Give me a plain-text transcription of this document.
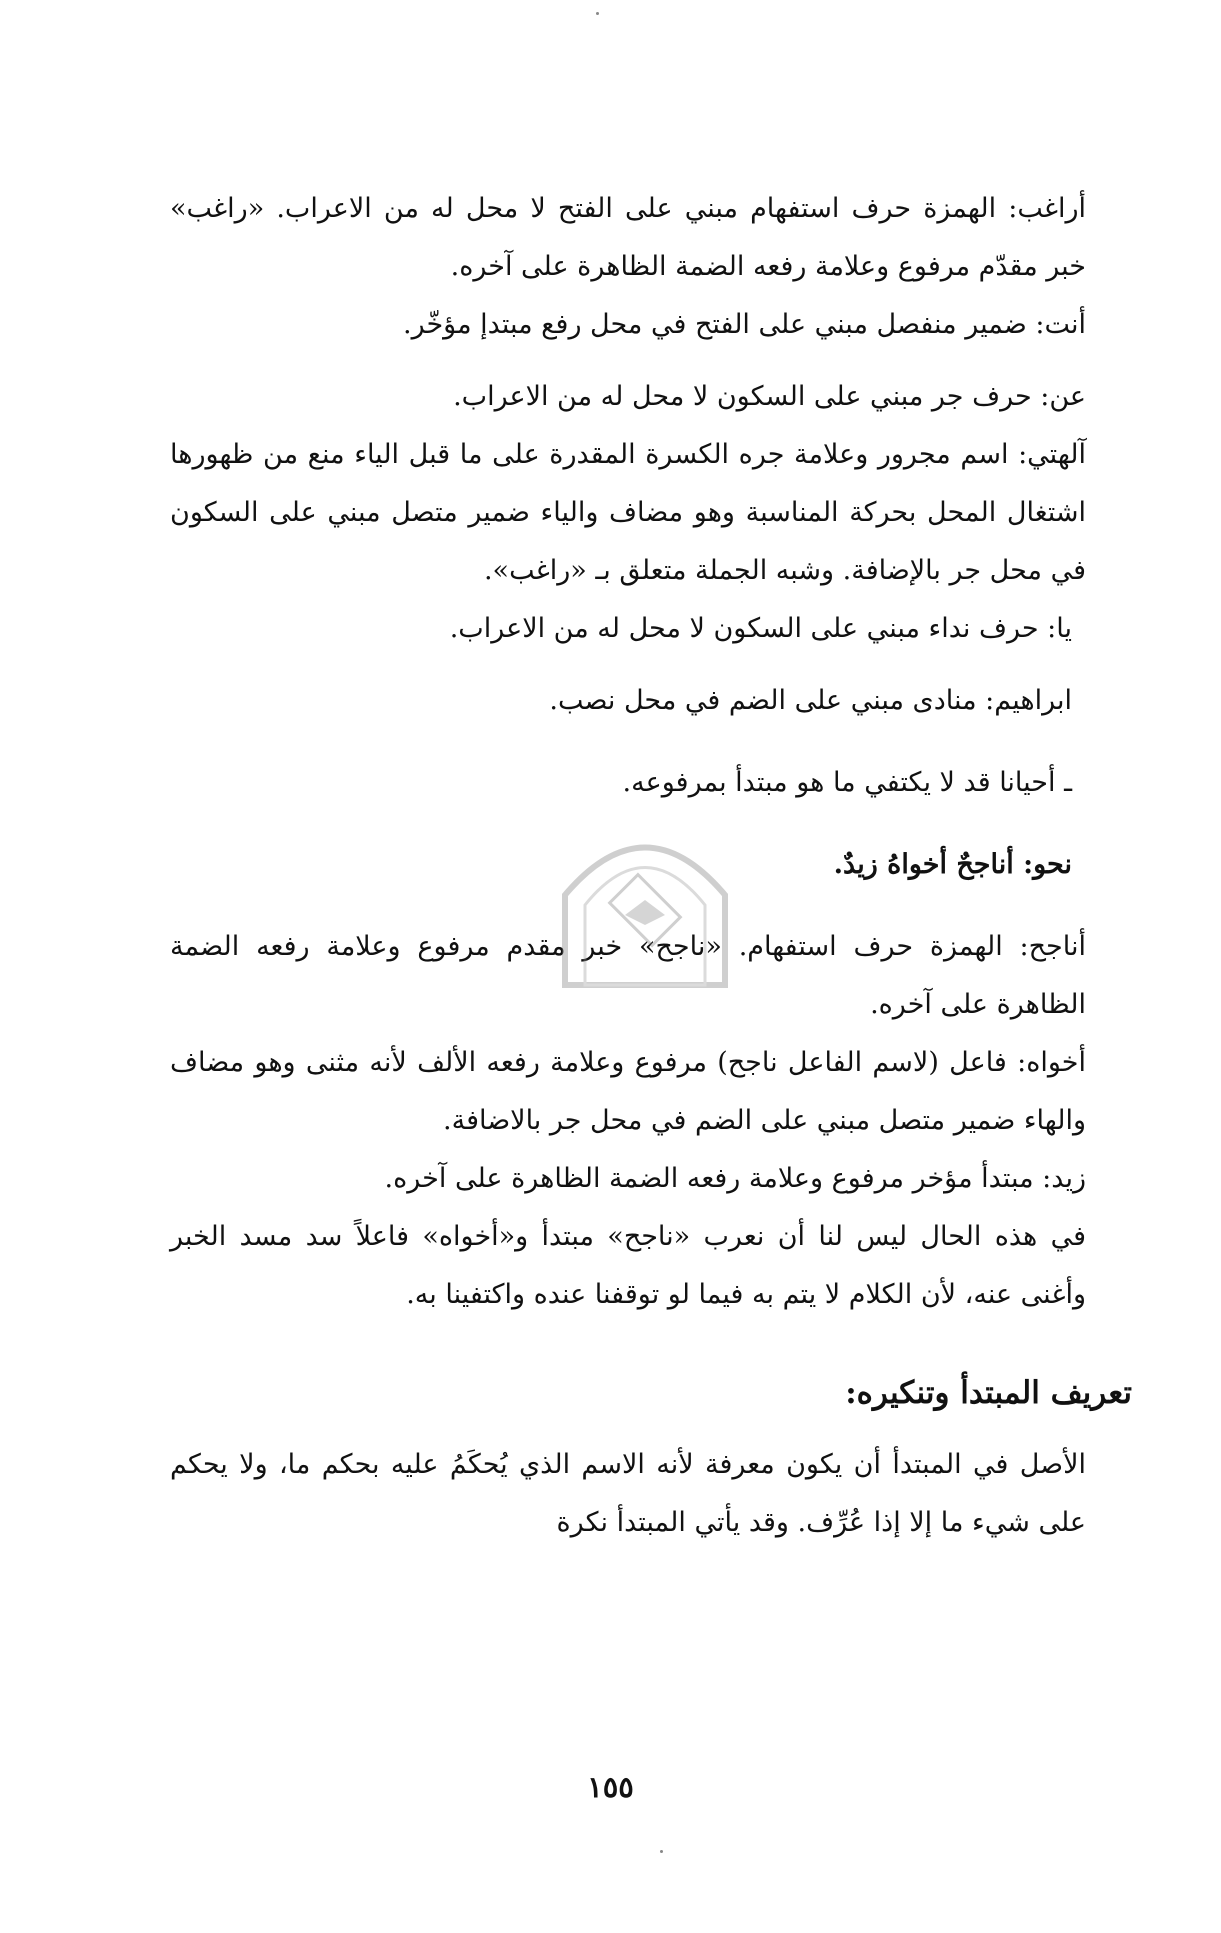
أراغب: الهمزة حرف استفهام مبني على الفتح لا محل له من الاعراب. «راغب» خبر مقدّم مرفوع وعلامة رفعه الضمة الظاهرة على آخره.

أنت: ضمير منفصل مبني على الفتح في محل رفع مبتدإ مؤخّر.

عن: حرف جر مبني على السكون لا محل له من الاعراب.

آلهتي: اسم مجرور وعلامة جره الكسرة المقدرة على ما قبل الياء منع من ظهورها اشتغال المحل بحركة المناسبة وهو مضاف والياء ضمير متصل مبني على السكون في محل جر بالإضافة. وشبه الجملة متعلق بـ «راغب».

يا: حرف نداء مبني على السكون لا محل له من الاعراب.

ابراهيم: منادى مبني على الضم في محل نصب.

ـ أحيانا قد لا يكتفي ما هو مبتدأ بمرفوعه.

نحو: أناجحٌ أخواهُ زيدٌ.

أناجح: الهمزة حرف استفهام. «ناجح» خبر مقدم مرفوع وعلامة رفعه الضمة الظاهرة على آخره.

أخواه: فاعل (لاسم الفاعل ناجح) مرفوع وعلامة رفعه الألف لأنه مثنى وهو مضاف والهاء ضمير متصل مبني على الضم في محل جر بالاضافة.

زيد: مبتدأ مؤخر مرفوع وعلامة رفعه الضمة الظاهرة على آخره.

في هذه الحال ليس لنا أن نعرب «ناجح» مبتدأ و«أخواه» فاعلاً سد مسد الخبر وأغنى عنه، لأن الكلام لا يتم به فيما لو توقفنا عنده واكتفينا به.

تعريف المبتدأ وتنكيره:

الأصل في المبتدأ أن يكون معرفة لأنه الاسم الذي يُحكَمُ عليه بحكم ما، ولا يحكم على شيء ما إلا إذا عُرِّف. وقد يأتي المبتدأ نكرة

١٥٥
